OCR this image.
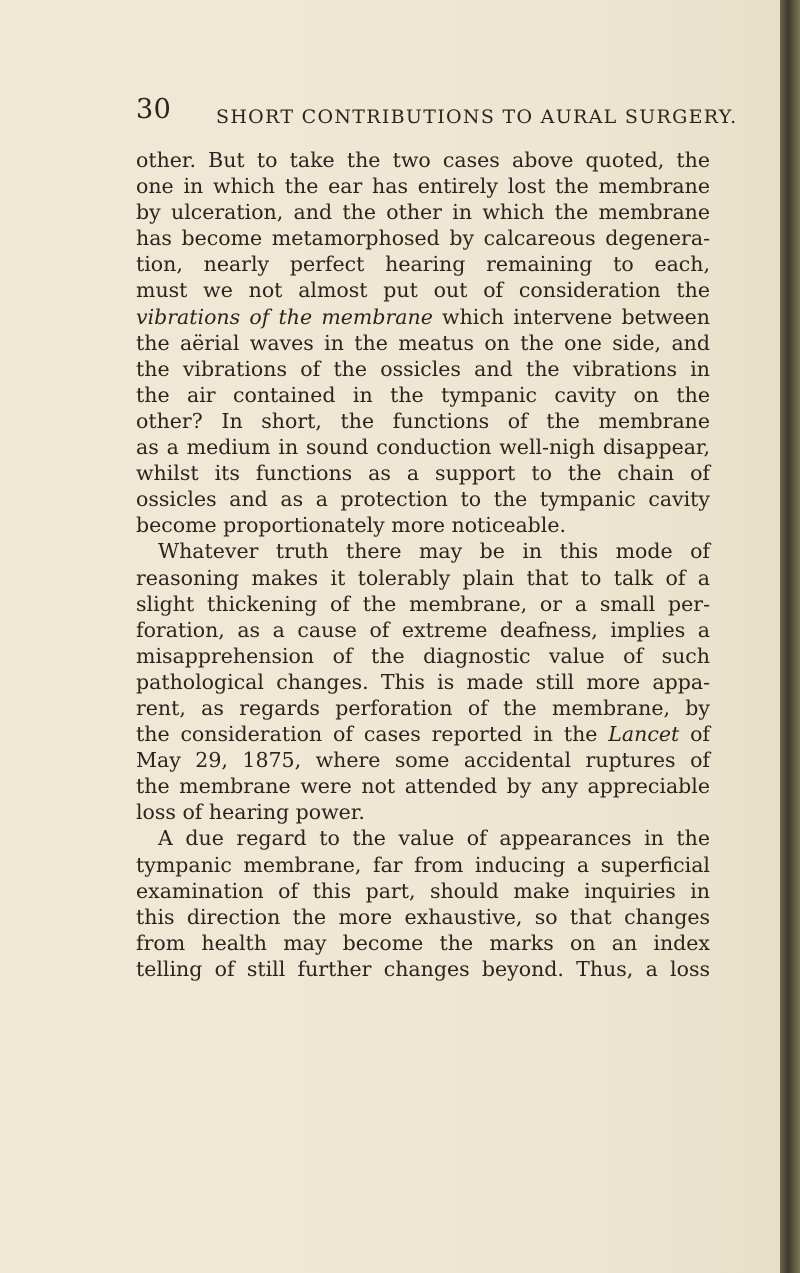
30 SHORT CONTRIBUTIONS TO AURAL SURGERY.
other. But to take the two cases above quoted, the
one in which the ear has entirely lost the membrane
by ulceration, and the other in which the membrane
has become metamorphosed by calcareous degenera-
tion, nearly perfect hearing remaining to each,
must we not almost put out of consideration the
vibrations of the membrane which intervene between
the aërial waves in the meatus on the one side, and
the vibrations of the ossicles and the vibrations in
the air contained in the tympanic cavity on the
other? In short, the functions of the membrane
as a medium in sound conduction well-nigh disappear,
whilst its functions as a support to the chain of
ossicles and as a protection to the tympanic cavity
become proportionately more noticeable.
Whatever truth there may be in this mode of
reasoning makes it tolerably plain that to talk of a
slight thickening of the membrane, or a small per-
foration, as a cause of extreme deafness, implies a
misapprehension of the diagnostic value of such
pathological changes. This is made still more appa-
rent, as regards perforation of the membrane, by
the consideration of cases reported in the Lancet of
May 29, 1875, where some accidental ruptures of
the membrane were not attended by any appreciable
loss of hearing power.
A due regard to the value of appearances in the
tympanic membrane, far from inducing a superficial
examination of this part, should make inquiries in
this direction the more exhaustive, so that changes
from health may become the marks on an index
telling of still further changes beyond. Thus, a loss
